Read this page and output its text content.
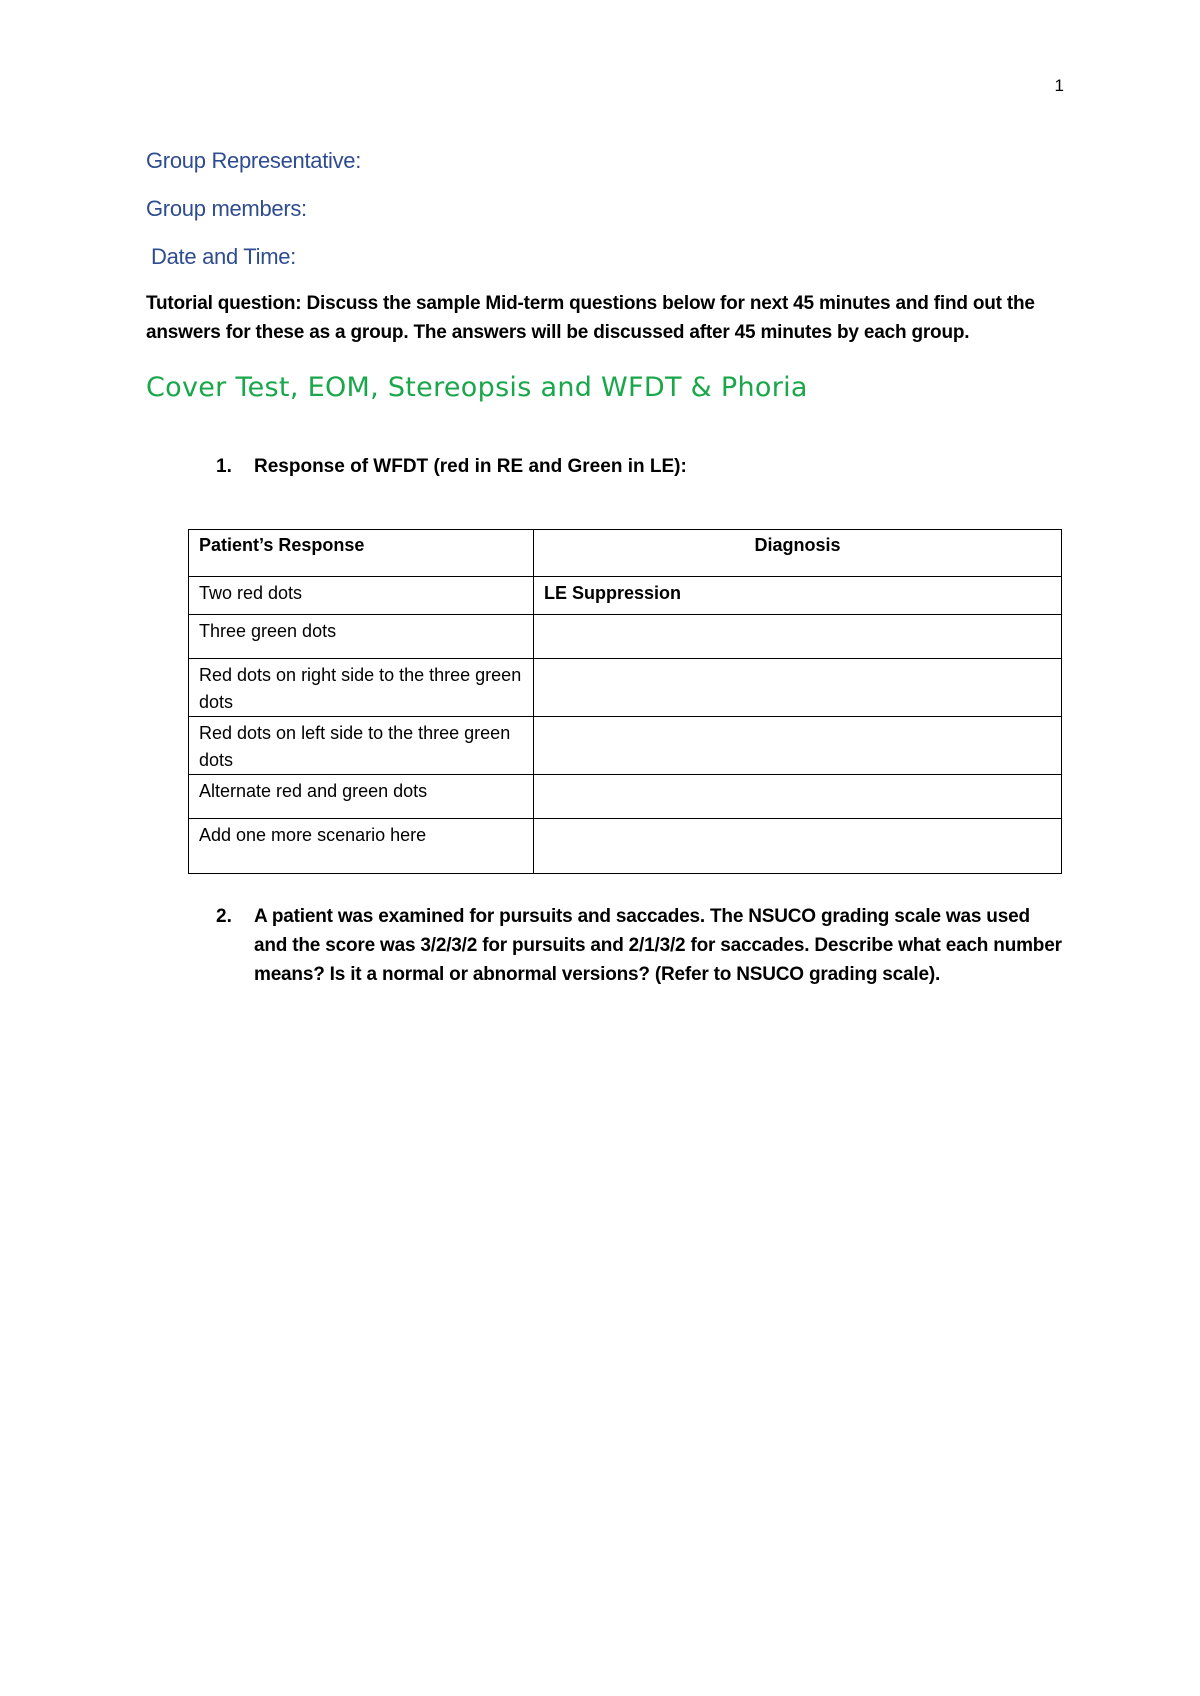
1
Group Representative:
Group members:
Date and Time:
Tutorial question: Discuss the sample Mid-term questions below for next 45 minutes and find out the answers for these as a group. The answers will be discussed after 45 minutes by each group.
Cover Test, EOM, Stereopsis and WFDT & Phoria
1. Response of WFDT (red in RE and Green in LE):
Patient’s Response	Diagnosis
Two red dots	LE Suppression
Three green dots	
Red dots on right side to the three green dots	
Red dots on left side to the three green dots	
Alternate red and green dots	
Add one more scenario here	
2. A patient was examined for pursuits and saccades. The NSUCO grading scale was used and the score was 3/2/3/2 for pursuits and 2/1/3/2 for saccades. Describe what each number means? Is it a normal or abnormal versions? (Refer to NSUCO grading scale).
